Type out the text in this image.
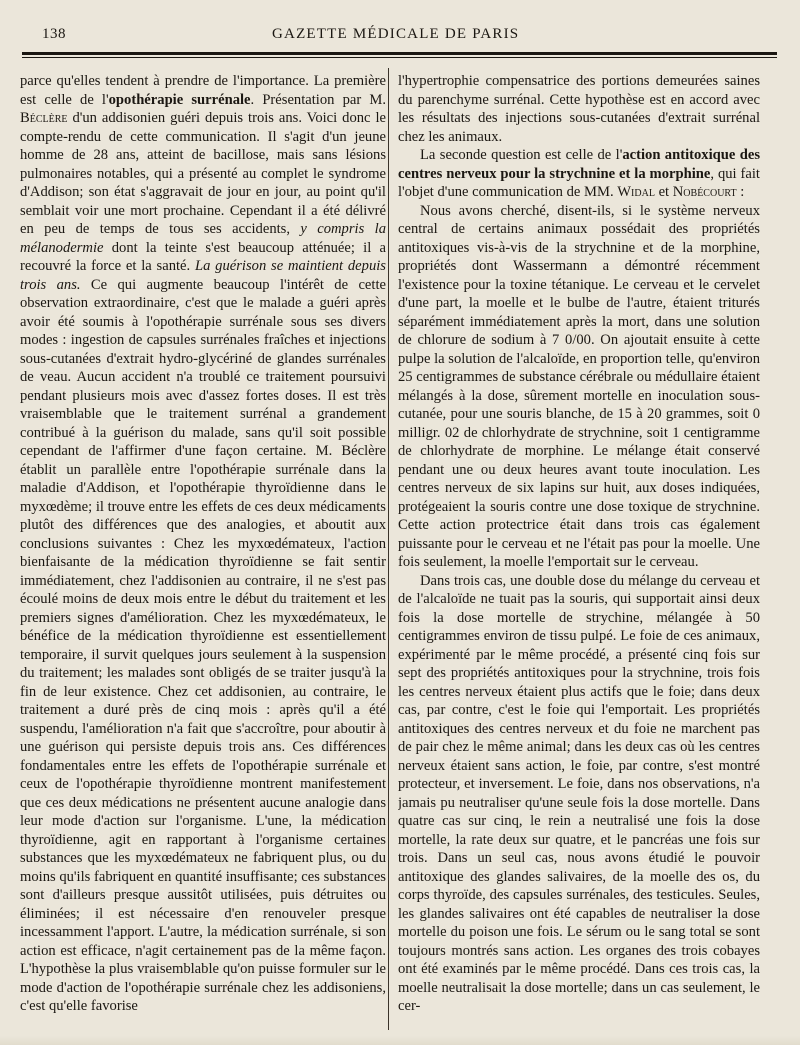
138	GAZETTE MÉDICALE DE PARIS

parce qu'elles tendent à prendre de l'importance. La première est celle de l'opothérapie surrénale. Présentation par M. Béclère d'un addisonien guéri depuis trois ans. Voici donc le compte-rendu de cette communication. Il s'agit d'un jeune homme de 28 ans, atteint de bacillose, mais sans lésions pulmonaires notables, qui a présenté au complet le syndrome d'Addison; son état s'aggravait de jour en jour, au point qu'il semblait voir une mort prochaine. Cependant il a été délivré en peu de temps de tous ses accidents, y compris la mélanodermie dont la teinte s'est beaucoup atténuée; il a recouvré la force et la santé. La guérison se maintient depuis trois ans. Ce qui augmente beaucoup l'intérêt de cette observation extraordinaire, c'est que le malade a guéri après avoir été soumis à l'opothérapie surrénale sous ses divers modes : ingestion de capsules surrénales fraîches et injections sous-cutanées d'extrait hydro-glycériné de glandes surrénales de veau. Aucun accident n'a troublé ce traitement poursuivi pendant plusieurs mois avec d'assez fortes doses. Il est très vraisemblable que le traitement surrénal a grandement contribué à la guérison du malade, sans qu'il soit possible cependant de l'affirmer d'une façon certaine. M. Béclère établit un parallèle entre l'opothérapie surrénale dans la maladie d'Addison, et l'opothérapie thyroïdienne dans le myxœdème; il trouve entre les effets de ces deux médicaments plutôt des différences que des analogies, et aboutit aux conclusions suivantes : Chez les myxœdémateux, l'action bienfaisante de la médication thyroïdienne se fait sentir immédiatement, chez l'addisonien au contraire, il ne s'est pas écoulé moins de deux mois entre le début du traitement et les premiers signes d'amélioration. Chez les myxœdémateux, le bénéfice de la médication thyroïdienne est essentiellement temporaire, il survit quelques jours seulement à la suspension du traitement; les malades sont obligés de se traiter jusqu'à la fin de leur existence. Chez cet addisonien, au contraire, le traitement a duré près de cinq mois : après qu'il a été suspendu, l'amélioration n'a fait que s'accroître, pour aboutir à une guérison qui persiste depuis trois ans. Ces différences fondamentales entre les effets de l'opothérapie surrénale et ceux de l'opothérapie thyroïdienne montrent manifestement que ces deux médications ne présentent aucune analogie dans leur mode d'action sur l'organisme. L'une, la médication thyroïdienne, agit en rapportant à l'organisme certaines substances que les myxœdémateux ne fabriquent plus, ou du moins qu'ils fabriquent en quantité insuffisante; ces substances sont d'ailleurs presque aussitôt utilisées, puis détruites ou éliminées; il est nécessaire d'en renouveler presque incessamment l'apport. L'autre, la médication surrénale, si son action est efficace, n'agit certainement pas de la même façon. L'hypothèse la plus vraisemblable qu'on puisse formuler sur le mode d'action de l'opothérapie surrénale chez les addisoniens, c'est qu'elle favorise

l'hypertrophie compensatrice des portions demeurées saines du parenchyme surrénal. Cette hypothèse est en accord avec les résultats des injections sous-cutanées d'extrait surrénal chez les animaux.

La seconde question est celle de l'action antitoxique des centres nerveux pour la strychnine et la morphine, qui fait l'objet d'une communication de MM. Widal et Nobécourt :

Nous avons cherché, disent-ils, si le système nerveux central de certains animaux possédait des propriétés antitoxiques vis-à-vis de la strychnine et de la morphine, propriétés dont Wassermann a démontré récemment l'existence pour la toxine tétanique. Le cerveau et le cervelet d'une part, la moelle et le bulbe de l'autre, étaient triturés séparément immédiatement après la mort, dans une solution de chlorure de sodium à 7 0/00. On ajoutait ensuite à cette pulpe la solution de l'alcaloïde, en proportion telle, qu'environ 25 centigrammes de substance cérébrale ou médullaire étaient mélangés à la dose, sûrement mortelle en inoculation sous-cutanée, pour une souris blanche, de 15 à 20 grammes, soit 0 milligr. 02 de chlorhydrate de strychnine, soit 1 centigramme de chlorhydrate de morphine. Le mélange était conservé pendant une ou deux heures avant toute inoculation. Les centres nerveux de six lapins sur huit, aux doses indiquées, protégeaient la souris contre une dose toxique de strychnine. Cette action protectrice était dans trois cas également puissante pour le cerveau et ne l'était pas pour la moelle. Une fois seulement, la moelle l'emportait sur le cerveau.

Dans trois cas, une double dose du mélange du cerveau et de l'alcaloïde ne tuait pas la souris, qui supportait ainsi deux fois la dose mortelle de strychine, mélangée à 50 centigrammes environ de tissu pulpé. Le foie de ces animaux, expérimenté par le même procédé, a présenté cinq fois sur sept des propriétés antitoxiques pour la strychnine, trois fois les centres nerveux étaient plus actifs que le foie; dans deux cas, par contre, c'est le foie qui l'emportait. Les propriétés antitoxiques des centres nerveux et du foie ne marchent pas de pair chez le même animal; dans les deux cas où les centres nerveux étaient sans action, le foie, par contre, s'est montré protecteur, et inversement. Le foie, dans nos observations, n'a jamais pu neutraliser qu'une seule fois la dose mortelle. Dans quatre cas sur cinq, le rein a neutralisé une fois la dose mortelle, la rate deux sur quatre, et le pancréas une fois sur trois. Dans un seul cas, nous avons étudié le pouvoir antitoxique des glandes salivaires, de la moelle des os, du corps thyroïde, des capsules surrénales, des testicules. Seules, les glandes salivaires ont été capables de neutraliser la dose mortelle du poison une fois. Le sérum ou le sang total se sont toujours montrés sans action. Les organes des trois cobayes ont été examinés par le même procédé. Dans ces trois cas, la moelle neutralisait la dose mortelle; dans un cas seulement, le cer-
